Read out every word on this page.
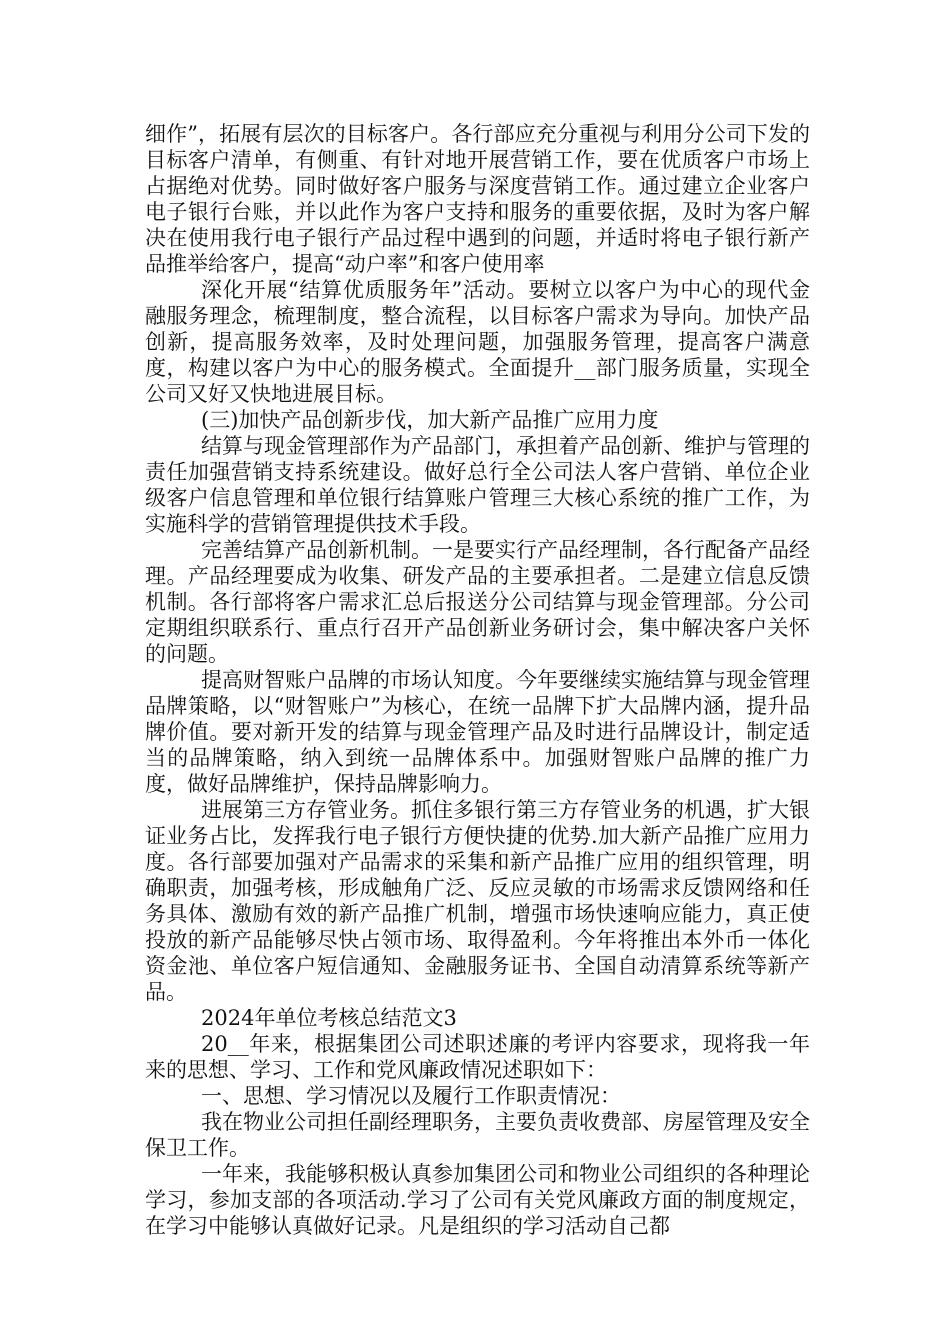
细作”，拓展有层次的目标客户。各行部应充分重视与利用分公司下发的目标客户清单，有侧重、有针对地开展营销工作，要在优质客户市场上占据绝对优势。同时做好客户服务与深度营销工作。通过建立企业客户电子银行台账，并以此作为客户支持和服务的重要依据，及时为客户解决在使用我行电子银行产品过程中遇到的问题，并适时将电子银行新产品推举给客户，提高“动户率”和客户使用率

深化开展“结算优质服务年”活动。要树立以客户为中心的现代金融服务理念，梳理制度，整合流程，以目标客户需求为导向。加快产品创新，提高服务效率，及时处理问题，加强服务管理，提高客户满意度，构建以客户为中心的服务模式。全面提升__部门服务质量，实现全公司又好又快地进展目标。

(三)加快产品创新步伐，加大新产品推广应用力度

结算与现金管理部作为产品部门，承担着产品创新、维护与管理的责任加强营销支持系统建设。做好总行全公司法人客户营销、单位企业级客户信息管理和单位银行结算账户管理三大核心系统的推广工作，为实施科学的营销管理提供技术手段。

完善结算产品创新机制。一是要实行产品经理制，各行配备产品经理。产品经理要成为收集、研发产品的主要承担者。二是建立信息反馈机制。各行部将客户需求汇总后报送分公司结算与现金管理部。分公司定期组织联系行、重点行召开产品创新业务研讨会，集中解决客户关怀的问题。

提高财智账户品牌的市场认知度。今年要继续实施结算与现金管理品牌策略，以“财智账户”为核心，在统一品牌下扩大品牌内涵，提升品牌价值。要对新开发的结算与现金管理产品及时进行品牌设计，制定适当的品牌策略，纳入到统一品牌体系中。加强财智账户品牌的推广力度，做好品牌维护，保持品牌影响力。

进展第三方存管业务。抓住多银行第三方存管业务的机遇，扩大银证业务占比，发挥我行电子银行方便快捷的优势.加大新产品推广应用力度。各行部要加强对产品需求的采集和新产品推广应用的组织管理，明确职责，加强考核，形成触角广泛、反应灵敏的市场需求反馈网络和任务具体、激励有效的新产品推广机制，增强市场快速响应能力，真正使投放的新产品能够尽快占领市场、取得盈利。今年将推出本外币一体化资金池、单位客户短信通知、金融服务证书、全国自动清算系统等新产品。

2024年单位考核总结范文3

20__年来，根据集团公司述职述廉的考评内容要求，现将我一年来的思想、学习、工作和党风廉政情况述职如下：

一、思想、学习情况以及履行工作职责情况：

我在物业公司担任副经理职务，主要负责收费部、房屋管理及安全保卫工作。

一年来，我能够积极认真参加集团公司和物业公司组织的各种理论学习，参加支部的各项活动.学习了公司有关党风廉政方面的制度规定，在学习中能够认真做好记录。凡是组织的学习活动自己都
